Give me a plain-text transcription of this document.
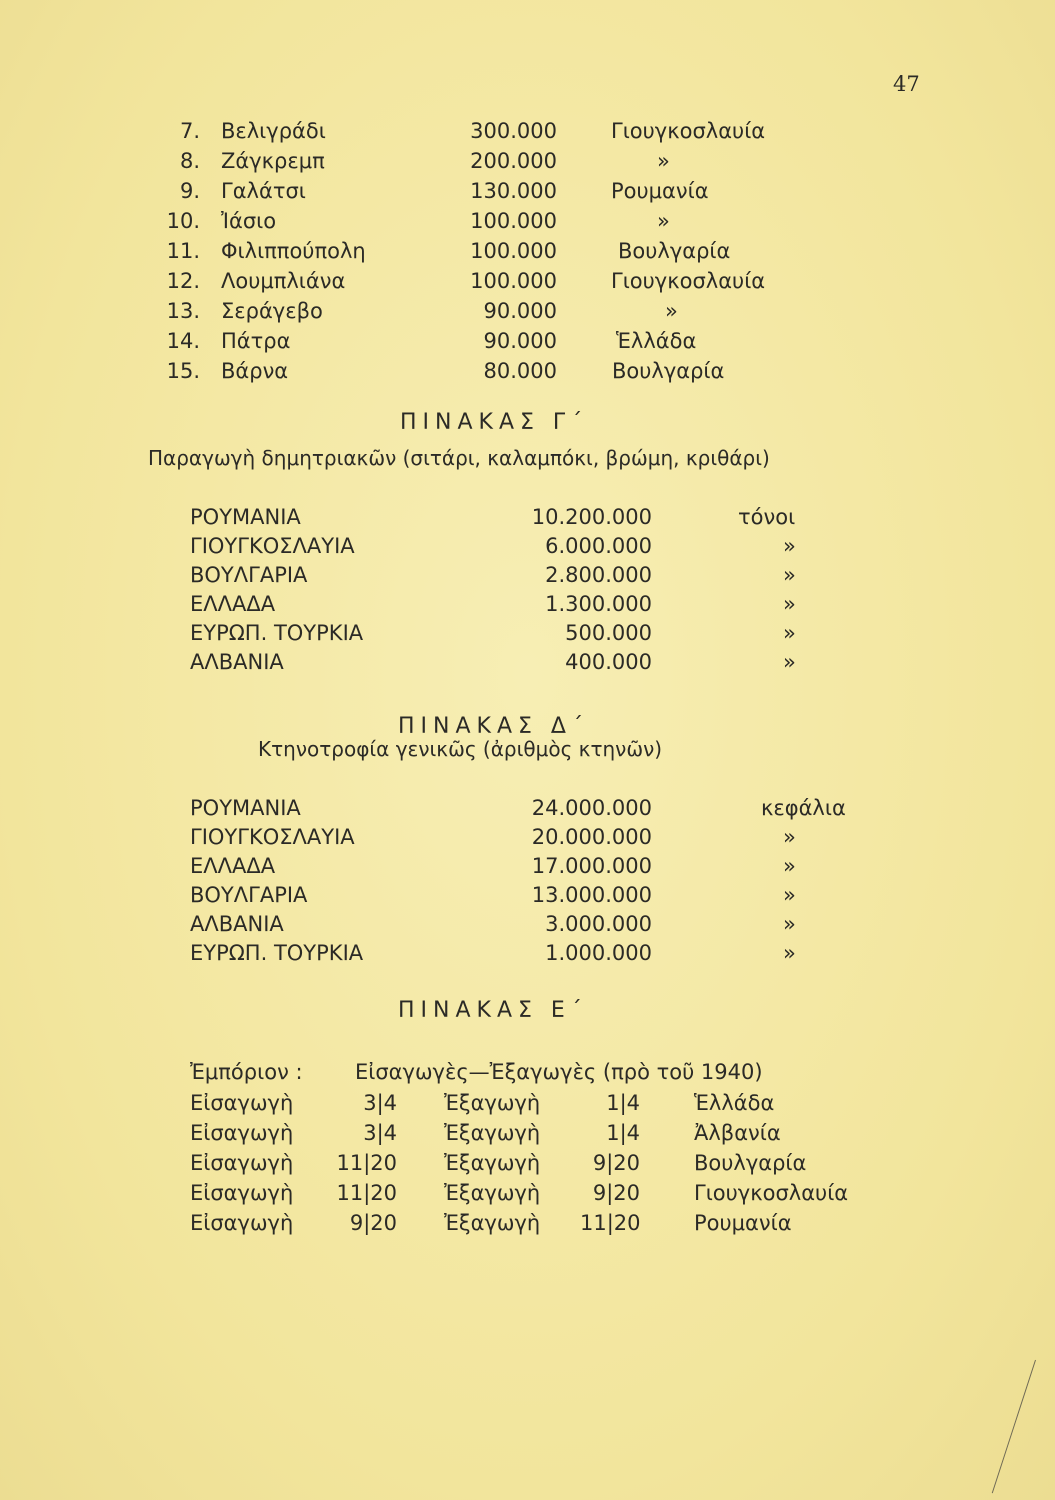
47
7. Βελιγράδι	300.000	Γιουγκοσλαυία
8. Ζάγκρεμπ	200.000	»
9. Γαλάτσι	130.000	Ρουμανία
10. Ἰάσιο	100.000	»
11. Φιλιππούπολη	100.000	Βουλγαρία
12. Λουμπλιάνα	100.000	Γιουγκοσλαυία
13. Σεράγεβο	90.000	»
14. Πάτρα	90.000	Ἑλλάδα
15. Βάρνα	80.000	Βουλγαρία
ΠΙΝΑΚΑΣ Γ΄
Παραγωγὴ δημητριακῶν (σιτάρι, καλαμπόκι, βρώμη, κριθάρι)
ΡΟΥΜΑΝΙΑ	10.200.000	τόνοι
ΓΙΟΥΓΚΟΣΛΑΥΙΑ	6.000.000	»
ΒΟΥΛΓΑΡΙΑ	2.800.000	»
ΕΛΛΑΔΑ	1.300.000	»
ΕΥΡΩΠ. ΤΟΥΡΚΙΑ	500.000	»
ΑΛΒΑΝΙΑ	400.000	»
ΠΙΝΑΚΑΣ Δ΄
Κτηνοτροφία γενικῶς (ἀριθμὸς κτηνῶν)
ΡΟΥΜΑΝΙΑ	24.000.000	κεφάλια
ΓΙΟΥΓΚΟΣΛΑΥΙΑ	20.000.000	»
ΕΛΛΑΔΑ	17.000.000	»
ΒΟΥΛΓΑΡΙΑ	13.000.000	»
ΑΛΒΑΝΙΑ	3.000.000	»
ΕΥΡΩΠ. ΤΟΥΡΚΙΑ	1.000.000	»
ΠΙΝΑΚΑΣ Ε΄
Ἐμπόριον : Εἰσαγωγὲς—Ἐξαγωγὲς (πρὸ τοῦ 1940)
Εἰσαγωγὴ	3|4 Ἐξαγωγὴ	1|4	Ἑλλάδα
Εἰσαγωγὴ	3|4 Ἐξαγωγὴ	1|4	Ἀλβανία
Εἰσαγωγὴ	11|20 Ἐξαγωγὴ	9|20	Βουλγαρία
Εἰσαγωγὴ	11|20 Ἐξαγωγὴ	9|20	Γιουγκοσλαυία
Εἰσαγωγὴ	9|20 Ἐξαγωγὴ 11|20	Ρουμανία
